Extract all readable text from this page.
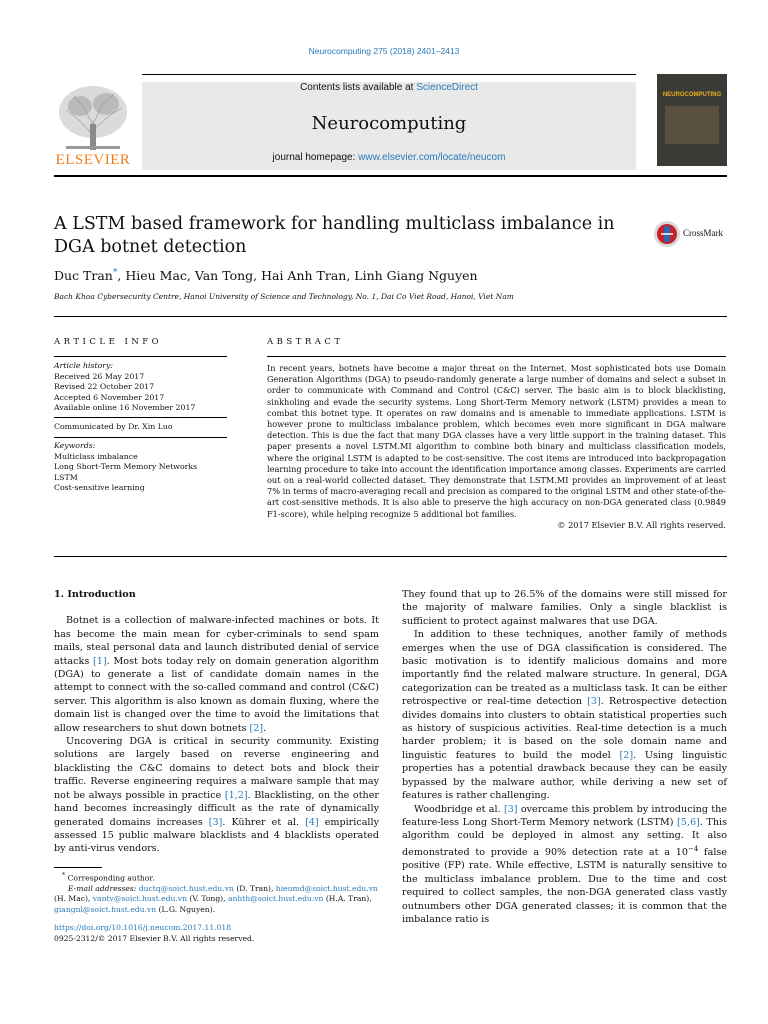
Neurocomputing 275 (2018) 2401–2413
ELSEVIER
Contents lists available at ScienceDirect
Neurocomputing
journal homepage: www.elsevier.com/locate/neucom
NEUROCOMPUTING
A LSTM based framework for handling multiclass imbalance in DGA botnet detection
CrossMark
Duc Tran*, Hieu Mac, Van Tong, Hai Anh Tran, Linh Giang Nguyen
Bach Khoa Cybersecurity Centre, Hanoi University of Science and Technology, No. 1, Dai Co Viet Road, Hanoi, Viet Nam
ARTICLE INFO
Article history:
Received 26 May 2017
Revised 22 October 2017
Accepted 6 November 2017
Available online 16 November 2017
Communicated by Dr. Xin Luo
Keywords:
Multiclass imbalance
Long Short-Term Memory Networks
LSTM
Cost-sensitive learning
ABSTRACT
In recent years, botnets have become a major threat on the Internet. Most sophisticated bots use Domain Generation Algorithms (DGA) to pseudo-randomly generate a large number of domains and select a subset in order to communicate with Command and Control (C&C) server. The basic aim is to block blacklisting, sinkholing and evade the security systems. Long Short-Term Memory network (LSTM) provides a mean to combat this botnet type. It operates on raw domains and is amenable to immediate applications. LSTM is however prone to multiclass imbalance problem, which becomes even more significant in DGA malware detection. This is due the fact that many DGA classes have a very little support in the training dataset. This paper presents a novel LSTM.MI algorithm to combine both binary and multiclass classification models, where the original LSTM is adapted to be cost-sensitive. The cost items are introduced into backpropagation learning procedure to take into account the identification importance among classes. Experiments are carried out on a real-world collected dataset. They demonstrate that LSTM.MI provides an improvement of at least 7% in terms of macro-averaging recall and precision as compared to the original LSTM and other state-of-the-art cost-sensitive methods. It is also able to preserve the high accuracy on non-DGA generated class (0.9849 F1-score), while helping recognize 5 additional bot families.
© 2017 Elsevier B.V. All rights reserved.
1. Introduction

Botnet is a collection of malware-infected machines or bots. It has become the main mean for cyber-criminals to send spam mails, steal personal data and launch distributed denial of service attacks [1]. Most bots today rely on domain generation algorithm (DGA) to generate a list of candidate domain names in the attempt to connect with the so-called command and control (C&C) server. This algorithm is also known as domain fluxing, where the domain list is changed over the time to avoid the limitations that allow researchers to shut down botnets [2].

Uncovering DGA is critical in security community. Existing solutions are largely based on reverse engineering and blacklisting the C&C domains to detect bots and block their traffic. Reverse engineering requires a malware sample that may not be always possible in practice [1,2]. Blacklisting, on the other hand becomes increasingly difficult as the rate of dynamically generated domains increases [3]. Kührer et al. [4] empirically assessed 15 public malware blacklists and 4 blacklists operated by anti-virus vendors.

They found that up to 26.5% of the domains were still missed for the majority of malware families. Only a single blacklist is sufficient to protect against malwares that use DGA.

In addition to these techniques, another family of methods emerges when the use of DGA classification is considered. The basic motivation is to identify malicious domains and more importantly find the related malware structure. In general, DGA categorization can be treated as a multiclass task. It can be either retrospective or real-time detection [3]. Retrospective detection divides domains into clusters to obtain statistical properties such as history of suspicious activities. Real-time detection is a much harder problem; it is based on the sole domain name and linguistic features to build the model [2]. Using linguistic properties has a potential drawback because they can be easily bypassed by the malware author, while deriving a new set of features is rather challenging.

Woodbridge et al. [3] overcame this problem by introducing the feature-less Long Short-Term Memory network (LSTM) [5,6]. This algorithm could be deployed in almost any setting. It also demonstrated to provide a 90% detection rate at a $10^{-4}$ false positive (FP) rate. While effective, LSTM is naturally sensitive to the multiclass imbalance problem. Due to the time and cost required to collect samples, the non-DGA generated class vastly outnumbers other DGA generated classes; it is common that the imbalance ratio is

* Corresponding author.
E-mail addresses: ductq@soict.hust.edu.vn (D. Tran), hieumd@soict.hust.edu.vn
(H. Mac), vantv@soict.hust.edu.vn (V. Tong), anhth@soict.hust.edu.vn (H.A. Tran),
giangnl@soict.hust.edu.vn (L.G. Nguyen).
https://doi.org/10.1016/j.neucom.2017.11.018
0925-2312/© 2017 Elsevier B.V. All rights reserved.
